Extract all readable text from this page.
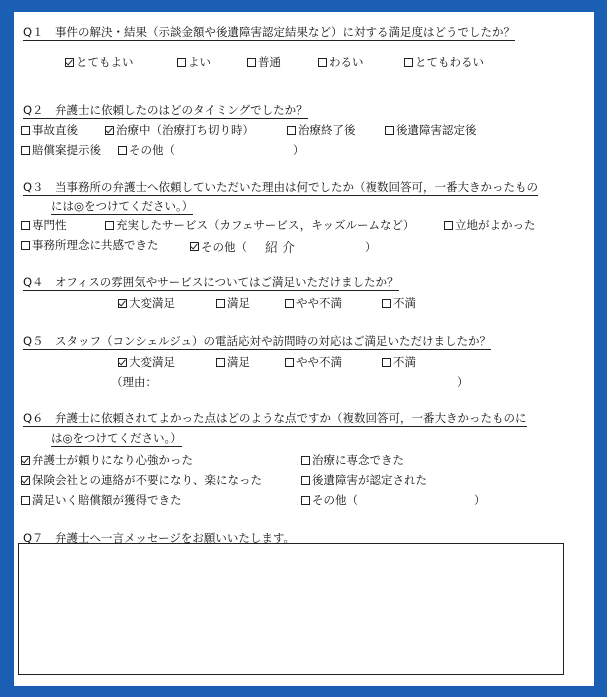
Q１　事件の解決・結果（示談金額や後遺障害認定結果など）に対する満足度はどうでしたか？
とてもよい	よい	普通	わるい	とてもわるい
Q２　弁護士に依頼したのはどのタイミングでしたか？
事故直後	治療中（治療打ち切り時）	治療終了後	後遺障害認定後
賠償案提示後 その他（	）
Q３　当事務所の弁護士へ依頼していただいた理由は何でしたか（複数回答可，一番大きかったもの
には◎をつけてください。）
専門性	充実したサービス（カフェサービス，キッズルームなど）	立地がよかった
事務所理念に共感できた	その他（ 紹介	）
Q４　オフィスの雰囲気やサービスについてはご満足いただけましたか？
大変満足	満足	やや不満	不満
Q５　スタッフ（コンシェルジュ）の電話応対や訪問時の対応はご満足いただけましたか？
大変満足	満足	やや不満	不満
（理由：	）
Q６　弁護士に依頼されてよかった点はどのような点ですか（複数回答可，一番大きかったものに
は◎をつけてください。）
弁護士が頼りになり心強かった	治療に専念できた
保険会社との連絡が不要になり、楽になった	後遺障害が認定された
満足いく賠償額が獲得できた	その他（	）
Q７　弁護士へ一言メッセージをお願いいたします。
